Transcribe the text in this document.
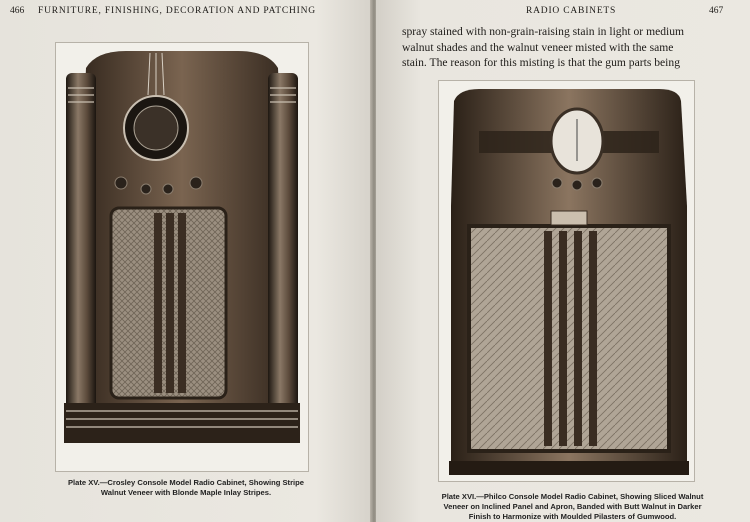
466 FURNITURE, FINISHING, DECORATION AND PATCHING
Plate XV.—Crosley Console Model Radio Cabinet, Showing Stripe
Walnut Veneer with Blonde Maple Inlay Stripes.
RADIO CABINETS	467
spray stained with non-grain-raising stain in light or medium
walnut shades and the walnut veneer misted with the same
stain. The reason for this misting is that the gum parts being
Plate XVI.—Philco Console Model Radio Cabinet, Showing Sliced Walnut
Veneer on Inclined Panel and Apron, Banded with Butt Walnut in Darker
Finish to Harmonize with Moulded Pilasters of Gumwood.
